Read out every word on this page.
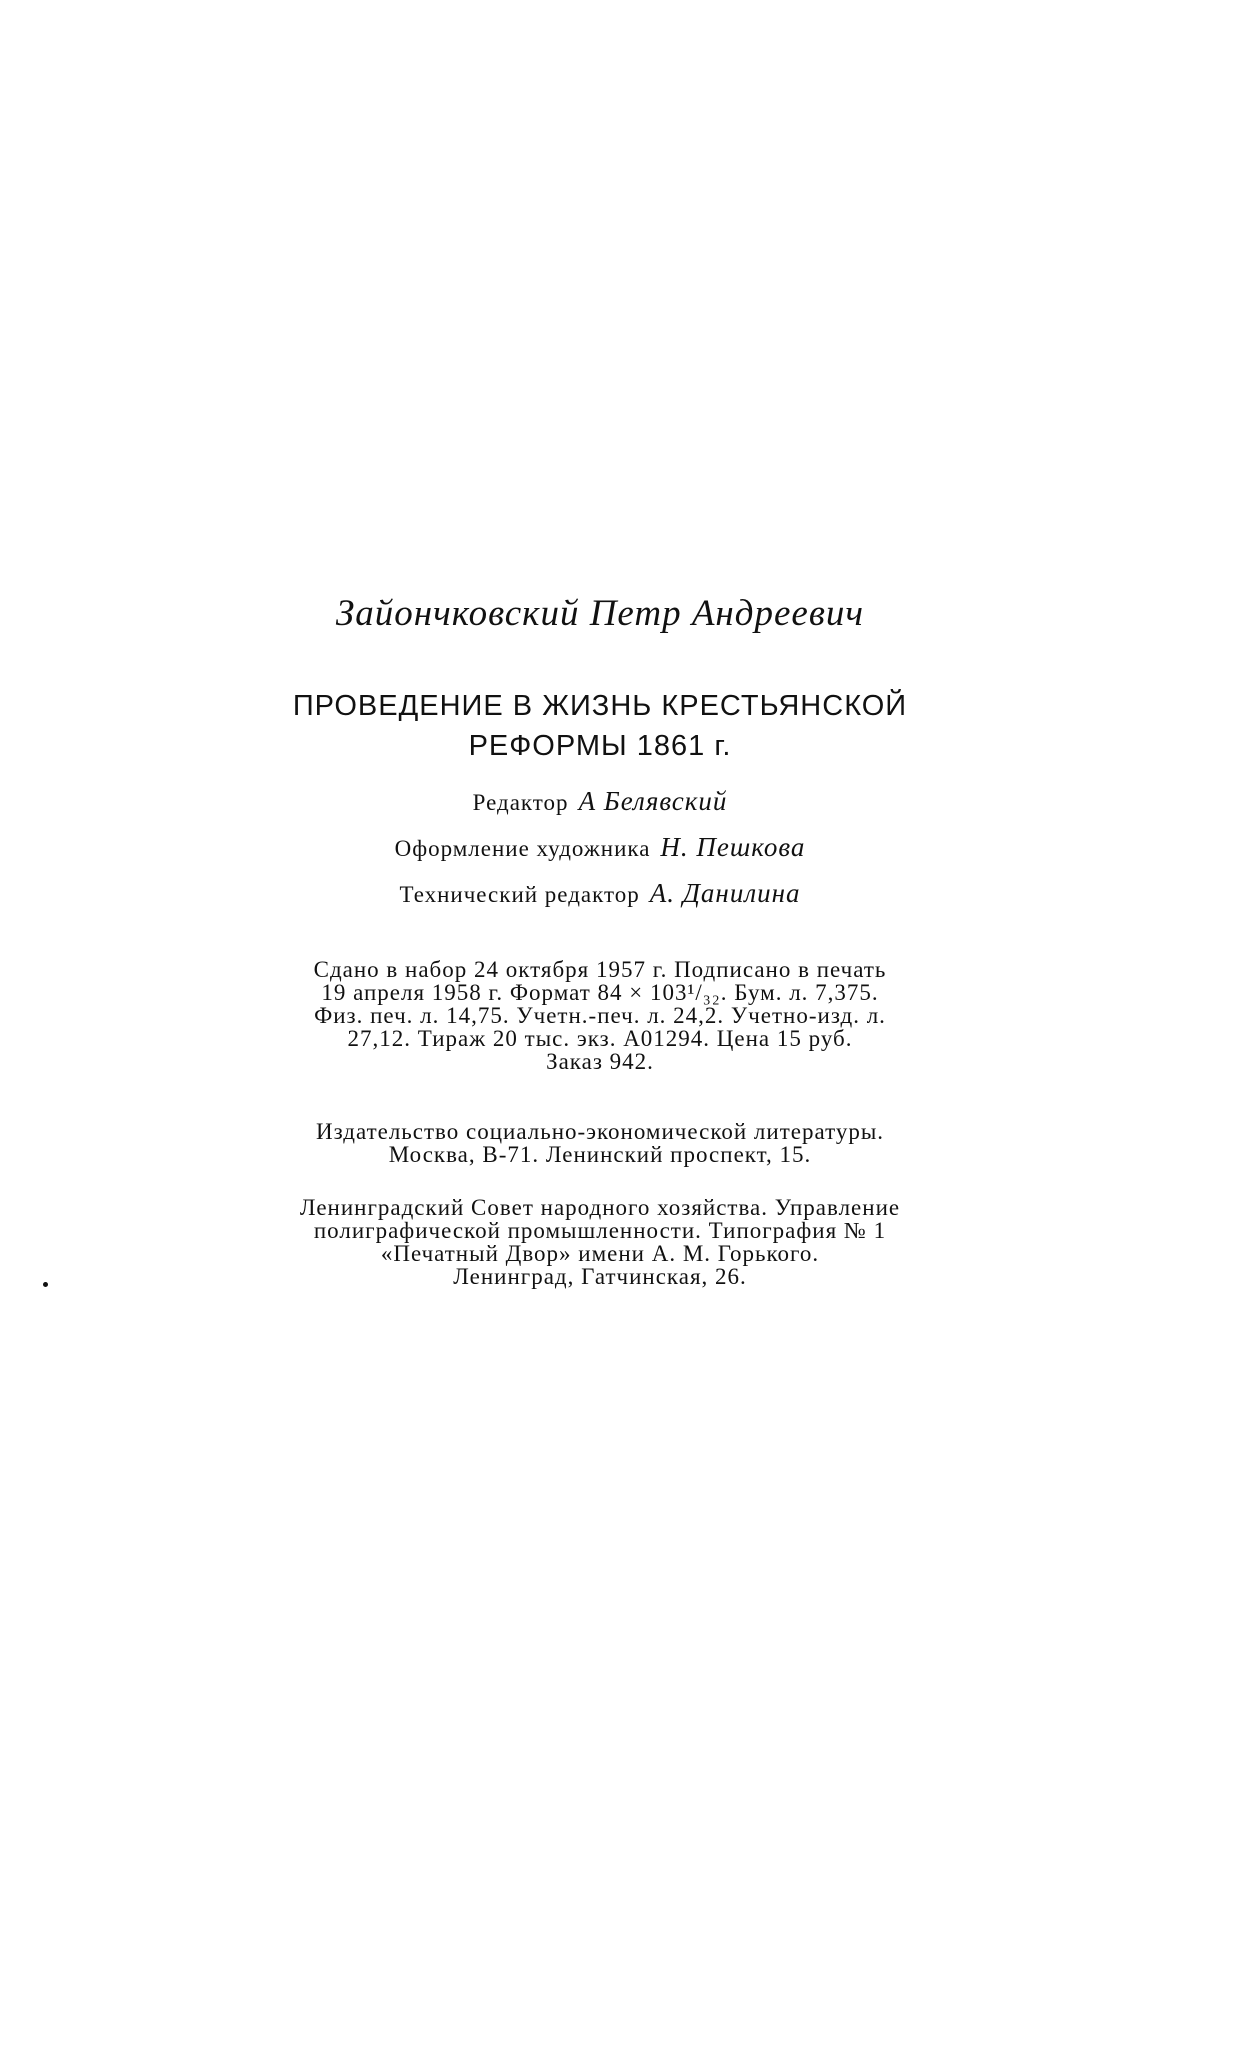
Зайончковский Петр Андреевич
ПРОВЕДЕНИЕ В ЖИЗНЬ КРЕСТЬЯНСКОЙ
РЕФОРМЫ 1861 г.
Редактор А Белявский
Оформление художника Н. Пешкова
Технический редактор А. Данилина
Сдано в набор 24 октября 1957 г. Подписано в печать
19 апреля 1958 г. Формат 84 × 103¹/₃₂. Бум. л. 7,375.
Физ. печ. л. 14,75. Учетн.-печ. л. 24,2. Учетно-изд. л.
27,12. Тираж 20 тыс. экз. А01294. Цена 15 руб.
Заказ 942.
Издательство социально-экономической литературы.
Москва, В-71. Ленинский проспект, 15.
Ленинградский Совет народного хозяйства. Управление
полиграфической промышленности. Типография № 1
«Печатный Двор» имени А. М. Горького.
Ленинград, Гатчинская, 26.
